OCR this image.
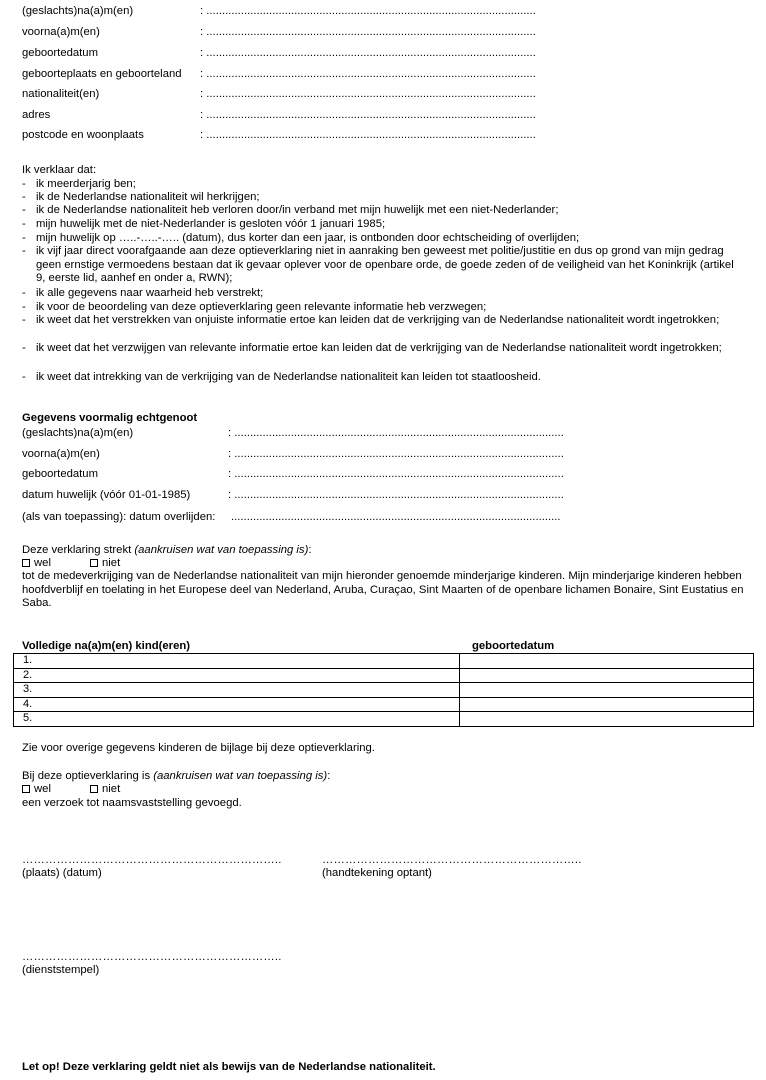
(geslachts)na(a)m(en)	: .........................................................................................................
voorna(a)m(en)	: .........................................................................................................
geboortedatum	: .........................................................................................................
geboorteplaats en geboorteland : .........................................................................................................
nationaliteit(en)	: .........................................................................................................
adres	: .........................................................................................................
postcode en woonplaats	: .........................................................................................................
Ik verklaar dat:
- ik meerderjarig ben;
- ik de Nederlandse nationaliteit wil herkrijgen;
- ik de Nederlandse nationaliteit heb verloren door/in verband met mijn huwelijk met een niet-Nederlander;
- mijn huwelijk met de niet-Nederlander is gesloten vóór 1 januari 1985;
- mijn huwelijk op …..-…..-….. (datum), dus korter dan een jaar, is ontbonden door echtscheiding of overlijden;
- ik vijf jaar direct voorafgaande aan deze optieverklaring niet in aanraking ben geweest met politie/justitie en dus op grond van mijn gedrag geen ernstige vermoedens bestaan dat ik gevaar oplever voor de openbare orde, de goede zeden of de veiligheid van het Koninkrijk (artikel 9, eerste lid, aanhef en onder a, RWN);
- ik alle gegevens naar waarheid heb verstrekt;
- ik voor de beoordeling van deze optieverklaring geen relevante informatie heb verzwegen;
- ik weet dat het verstrekken van onjuiste informatie ertoe kan leiden dat de verkrijging van de Nederlandse nationaliteit wordt ingetrokken;
- ik weet dat het verzwijgen van relevante informatie ertoe kan leiden dat de verkrijging van de Nederlandse nationaliteit wordt ingetrokken;
- ik weet dat intrekking van de verkrijging van de Nederlandse nationaliteit kan leiden tot staatloosheid.
Gegevens voormalig echtgenoot
(geslachts)na(a)m(en)	: .........................................................................................................
voorna(a)m(en)	: .........................................................................................................
geboortedatum	: .........................................................................................................
datum huwelijk (vóór 01-01-1985)	: .........................................................................................................
(als van toepassing): datum overlijden: .........................................................................................................
Deze verklaring strekt (aankruisen wat van toepassing is):
wel	niet
tot de medeverkrijging van de Nederlandse nationaliteit van mijn hieronder genoemde minderjarige kinderen. Mijn minderjarige kinderen hebben hoofdverblijf en toelating in het Europese deel van Nederland, Aruba, Curaçao, Sint Maarten of de openbare lichamen Bonaire, Sint Eustatius en Saba.
Volledige na(a)m(en) kind(eren)	geboortedatum
1.	
2.	
3.	
4.	
5.	
Zie voor overige gegevens kinderen de bijlage bij deze optieverklaring.
Bij deze optieverklaring is (aankruisen wat van toepassing is):
wel	niet
een verzoek tot naamsvaststelling gevoegd.
…………………………………………………………..
(plaats) (datum)
…………………………………………………………..
(handtekening optant)
…………………………………………………………..
(dienststempel)
Let op! Deze verklaring geldt niet als bewijs van de Nederlandse nationaliteit.
